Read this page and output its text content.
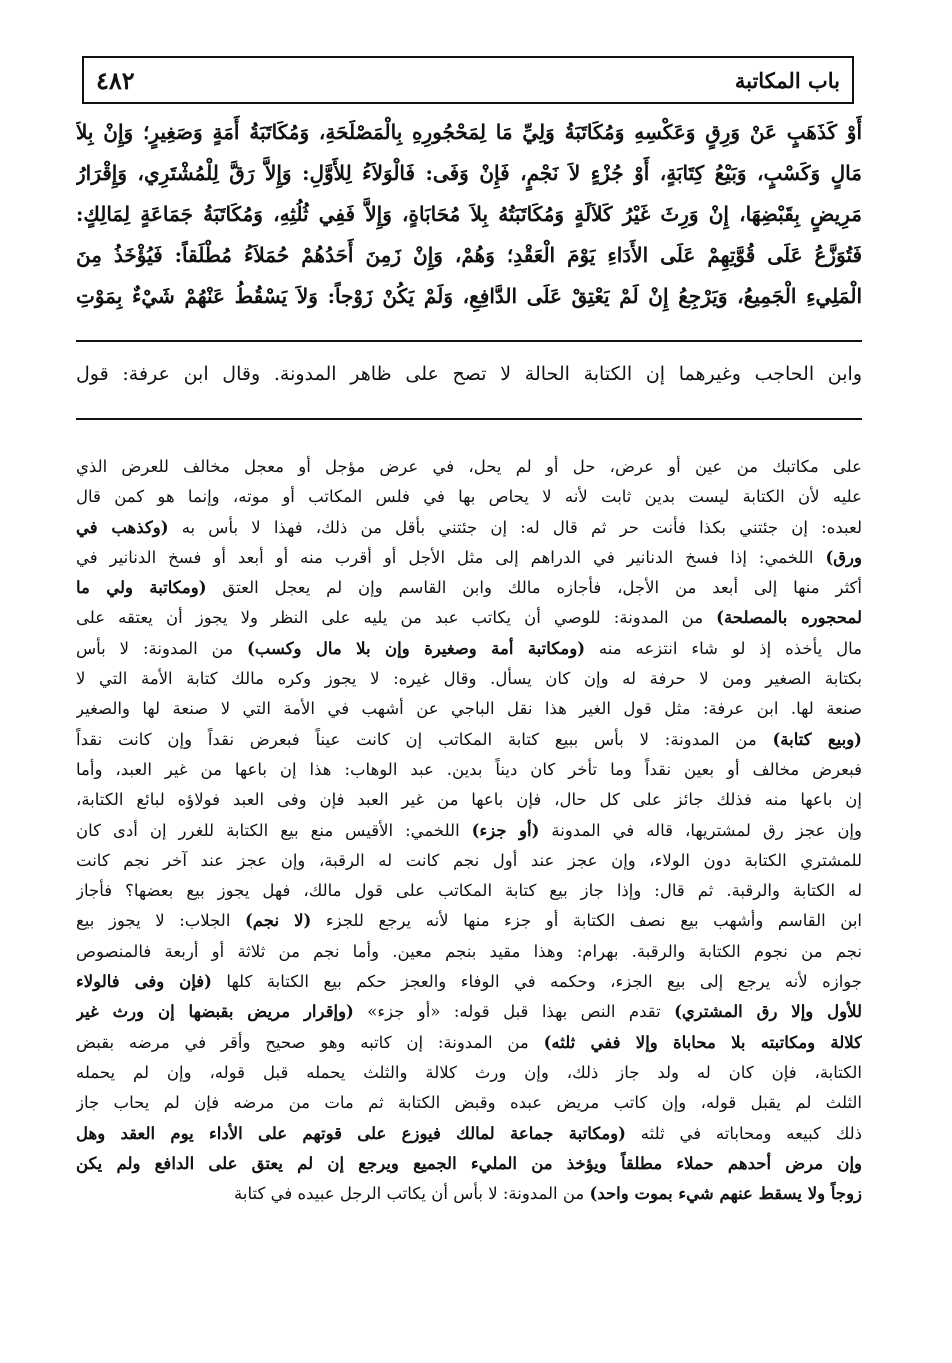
باب المكاتبة
٤٨٢
أَوْ كَذَهَبٍ عَنْ وَرِقٍ وَعَكْسِهِ وَمُكَاتَبَةُ وَلِيِّ مَا لِمَحْجُورِهِ بِالْمَصْلَحَةِ، وَمُكَاتَبَةُ أَمَةٍ وَصَغِيرٍ؛ وَإِنْ بِلاَ
مَالٍ وَكَسْبٍ، وَبَيْعُ كِتَابَةٍ، أَوْ جُزْءٍ لاَ نَجْمٍ، فَإِنْ وَفَى: فَالْوَلاَءُ لِلأَوَّلِ: وَإِلاَّ رَقَّ لِلْمُشْتَرِي، وَإِقْرَارُ
مَرِيضٍ بِقَبْضِهَا، إِنْ وَرِثَ غَيْرُ كَلاَلَةٍ وَمُكَاتَبَتُهُ بِلاَ مُحَابَاةٍ، وَإِلاَّ فَفِي ثُلُثِهِ، وَمُكَاتَبَةُ جَمَاعَةٍ لِمَالِكٍ:
فَتُوَزَّعُ عَلَى قُوَّتِهِمْ عَلَى الأَدَاءِ يَوْمَ الْعَقْدِ؛ وَهُمْ، وَإِنْ زَمِنَ أَحَدُهُمْ حُمَلاَءُ مُطْلَقاً: فَيُؤْخَذُ مِنَ
الْمَلِيءِ الْجَمِيعُ، وَيَرْجِعُ إِنْ لَمْ يَعْتِقْ عَلَى الدَّافِعِ، وَلَمْ يَكُنْ زَوْجاً: وَلاَ يَسْقُطُ عَنْهُمْ شَيْءٌ بِمَوْتِ
وابن الحاجب وغيرهما إن الكتابة الحالة لا تصح على ظاهر المدونة. وقال ابن عرفة: قول
على مكاتبك من عين أو عرض، حل أو لم يحل، في عرض مؤجل أو معجل مخالف للعرض الذي
عليه لأن الكتابة ليست بدين ثابت لأنه لا يحاص بها في فلس المكاتب أو موته، وإنما هو كمن قال
لعبده: إن جئتني بكذا فأنت حر ثم قال له: إن جئتني بأقل من ذلك، فهذا لا بأس به (وكذهب في
ورق) اللخمي: إذا فسخ الدنانير في الدراهم إلى مثل الأجل أو أقرب منه أو أبعد أو فسخ الدنانير في
أكثر منها إلى أبعد من الأجل، فأجازه مالك وابن القاسم وإن لم يعجل العتق (ومكاتبة ولي ما
لمحجوره بالمصلحة) من المدونة: للوصي أن يكاتب عبد من يليه على النظر ولا يجوز أن يعتقه على
مال يأخذه إذ لو شاء انتزعه منه (ومكاتبة أمة وصغيرة وإن بلا مال وكسب) من المدونة: لا بأس
بكتابة الصغير ومن لا حرفة له وإن كان يسأل. وقال غيره: لا يجوز وكره مالك كتابة الأمة التي لا
صنعة لها. ابن عرفة: مثل قول الغير هذا نقل الباجي عن أشهب في الأمة التي لا صنعة لها والصغير
(وبيع كتابة) من المدونة: لا بأس ببيع كتابة المكاتب إن كانت عيناً فبعرض نقداً وإن كانت نقداً
فبعرض مخالف أو بعين نقداً وما تأخر كان ديناً بدين. عبد الوهاب: هذا إن باعها من غير العبد، وأما
إن باعها منه فذلك جائز على كل حال، فإن باعها من غير العبد فإن وفى العبد فولاؤه لبائع الكتابة،
وإن عجز رق لمشتريها، قاله في المدونة (أو جزء) اللخمي: الأقيس منع بيع الكتابة للغرر إن أدى كان
للمشتري الكتابة دون الولاء، وإن عجز عند أول نجم كانت له الرقبة، وإن عجز عند آخر نجم كانت
له الكتابة والرقبة. ثم قال: وإذا جاز بيع كتابة المكاتب على قول مالك، فهل يجوز بيع بعضها؟ فأجاز
ابن القاسم وأشهب بيع نصف الكتابة أو جزء منها لأنه يرجع للجزء (لا نجم) الجلاب: لا يجوز بيع
نجم من نجوم الكتابة والرقبة. بهرام: وهذا مقيد بنجم معين. وأما نجم من ثلاثة أو أربعة فالمنصوص
جوازه لأنه يرجع إلى بيع الجزء، وحكمه في الوفاء والعجز حكم بيع الكتابة كلها (فإن وفى فالولاء
للأول وإلا رق المشتري) تقدم النص بهذا قبل قوله: «أو جزء» (وإقرار مريض بقبضها إن ورث غير
كلالة ومكاتبته بلا محاباة وإلا ففي ثلثه) من المدونة: إن كاتبه وهو صحيح وأقر في مرضه بقبض
الكتابة، فإن كان له ولد جاز ذلك، وإن ورث كلالة والثلث يحمله قبل قوله، وإن لم يحمله
الثلث لم يقبل قوله، وإن كاتب مريض عبده وقبض الكتابة ثم مات من مرضه فإن لم يحاب جاز
ذلك كبيعه ومحاباته في ثلثه (ومكاتبة جماعة لمالك فيوزع على قوتهم على الأداء يوم العقد وهل
وإن مرض أحدهم حملاء مطلقاً ويؤخذ من المليء الجميع ويرجع إن لم يعتق على الدافع ولم يكن
زوجاً ولا يسقط عنهم شيء بموت واحد) من المدونة: لا بأس أن يكاتب الرجل عبيده في كتابة
